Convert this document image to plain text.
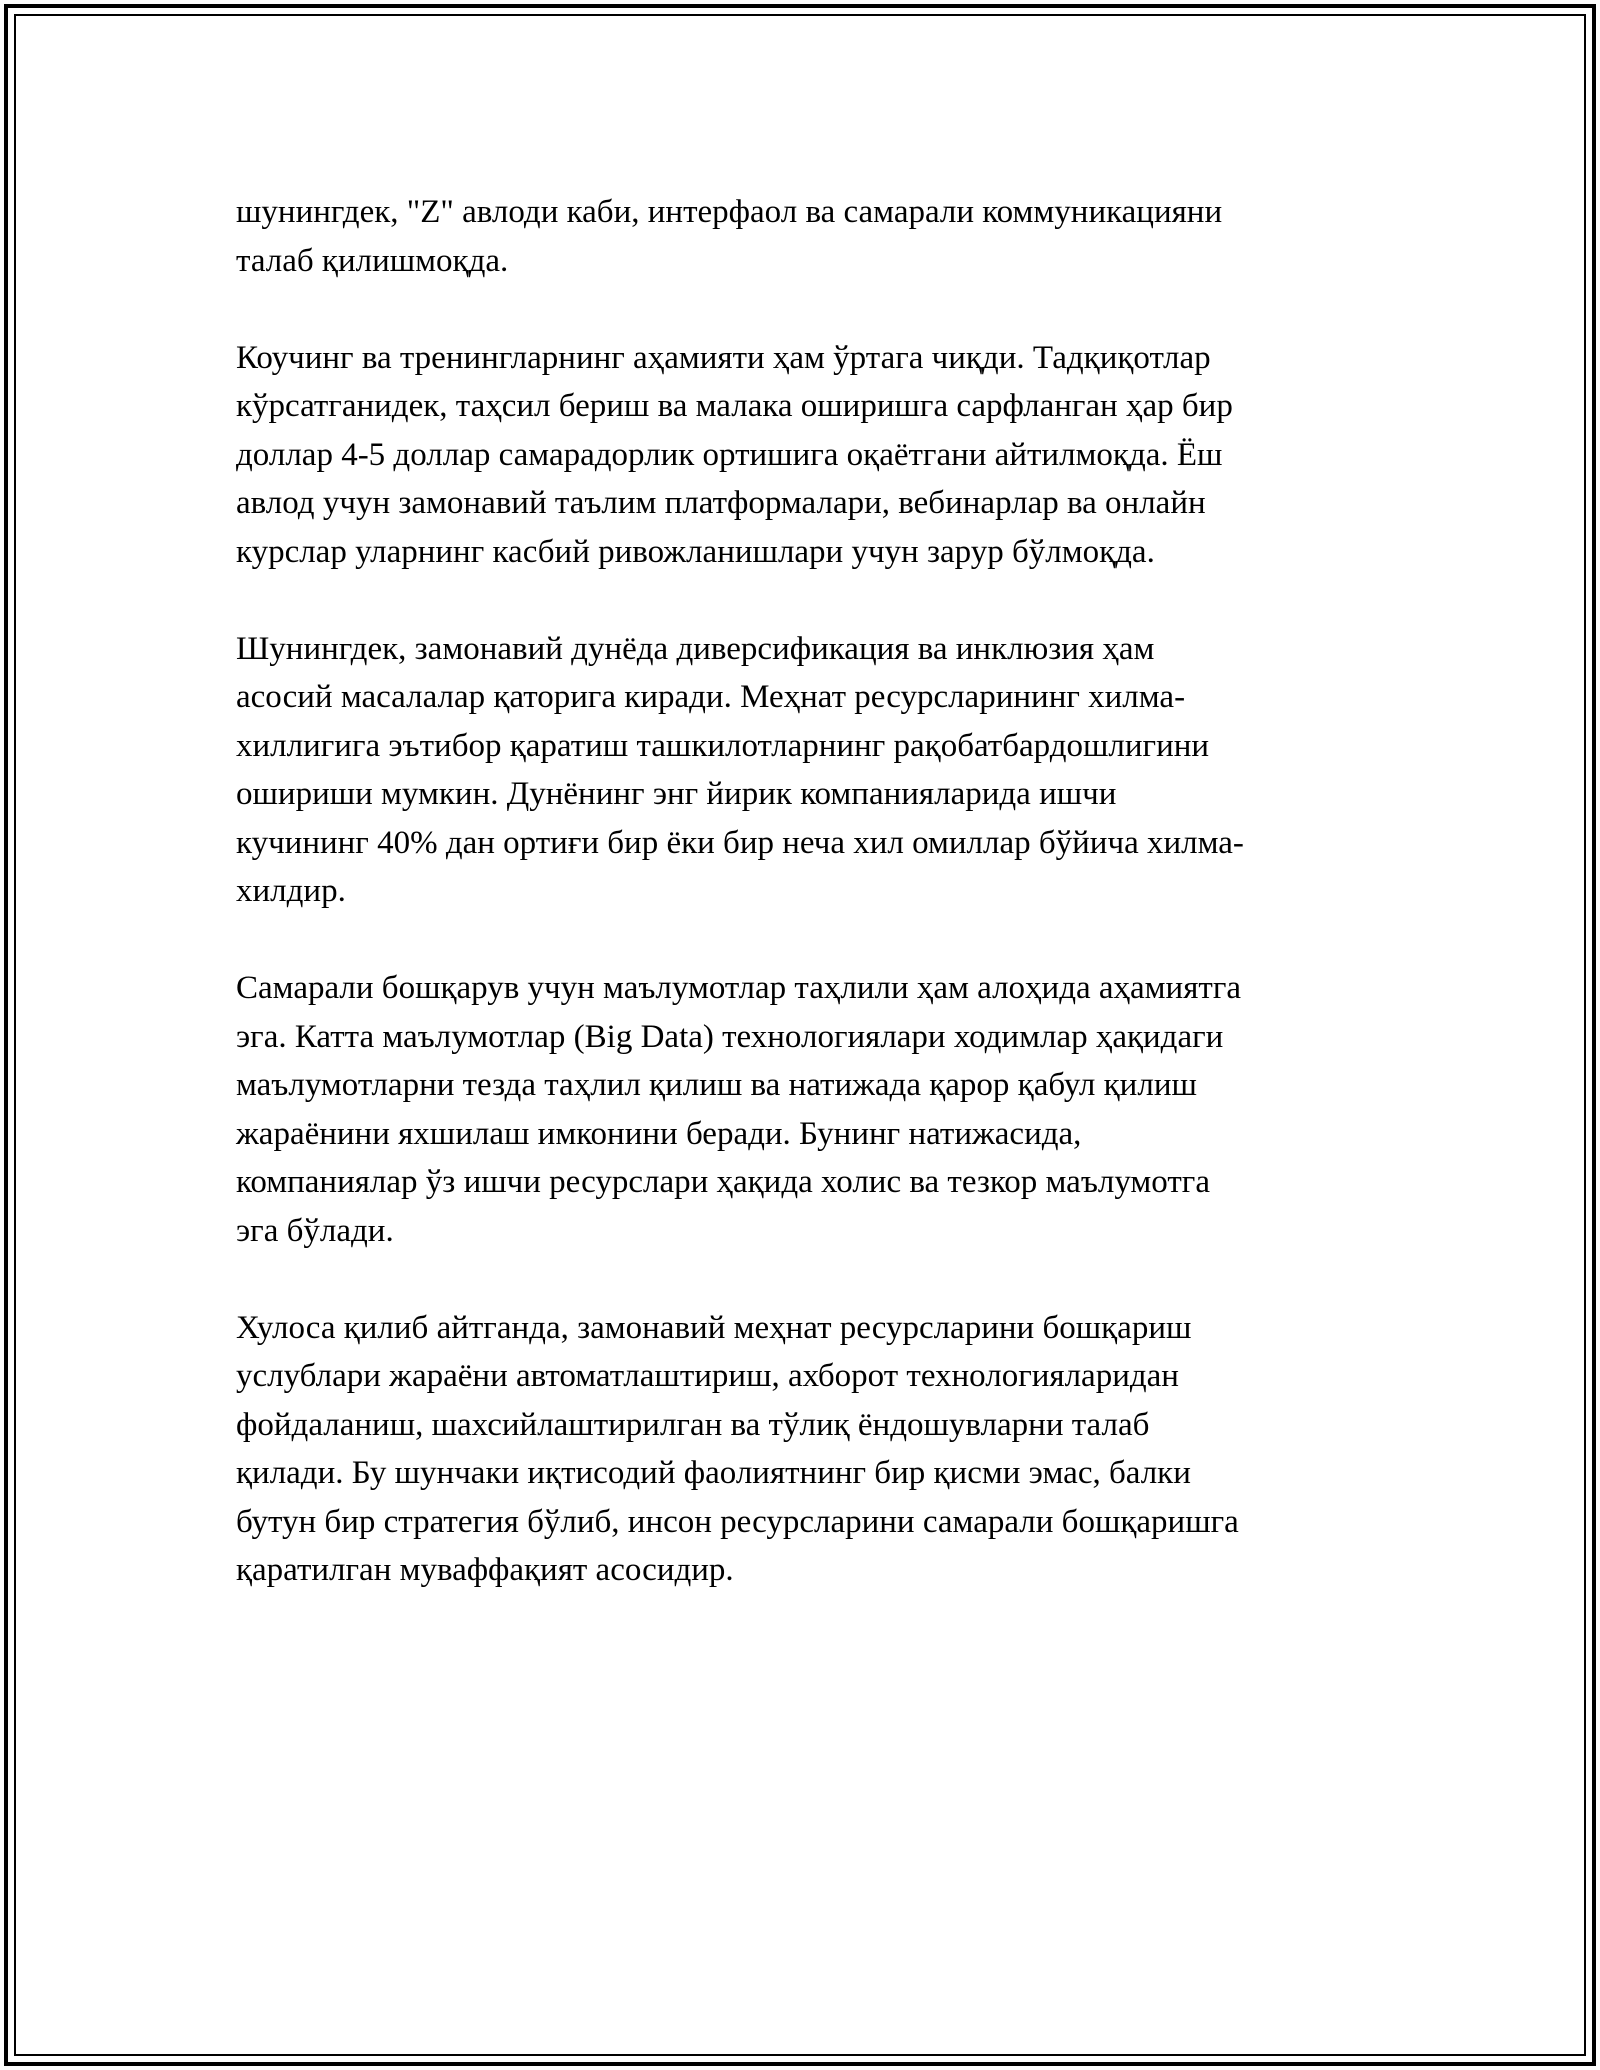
шунингдек, "Z" авлоди каби, интерфаол ва самарали коммуникацияни
талаб қилишмоқда.

Коучинг ва тренингларнинг аҳамияти ҳам ўртага чиқди. Тадқиқотлар
кўрсатганидек, таҳсил бериш ва малака оширишга сарфланган ҳар бир
доллар 4-5 доллар самарадорлик ортишига оқаётгани айтилмоқда. Ёш
авлод учун замонавий таълим платформалари, вебинарлар ва онлайн
курслар уларнинг касбий ривожланишлари учун зарур бўлмоқда.

Шунингдек, замонавий дунёда диверсификация ва инклюзия ҳам
асосий масалалар қаторига киради. Меҳнат ресурсларининг хилма-
хиллигига эътибор қаратиш ташкилотларнинг рақобатбардошлигини
ошириши мумкин. Дунёнинг энг йирик компанияларида ишчи
кучининг 40% дан ортиғи бир ёки бир неча хил омиллар бўйича хилма-
хилдир.

Самарали бошқарув учун маълумотлар таҳлили ҳам алоҳида аҳамиятга
эга. Катта маълумотлар (Big Data) технологиялари ходимлар ҳақидаги
маълумотларни тезда таҳлил қилиш ва натижада қарор қабул қилиш
жараёнини яхшилаш имконини беради. Бунинг натижасида,
компаниялар ўз ишчи ресурслари ҳақида холис ва тезкор маълумотга
эга бўлади.

Хулоса қилиб айтганда, замонавий меҳнат ресурсларини бошқариш
услублари жараёни автоматлаштириш, ахборот технологияларидан
фойдаланиш, шахсийлаштирилган ва тўлиқ ёндошувларни талаб
қилади. Бу шунчаки иқтисодий фаолиятнинг бир қисми эмас, балки
бутун бир стратегия бўлиб, инсон ресурсларини самарали бошқаришга
қаратилган муваффақият асосидир.
